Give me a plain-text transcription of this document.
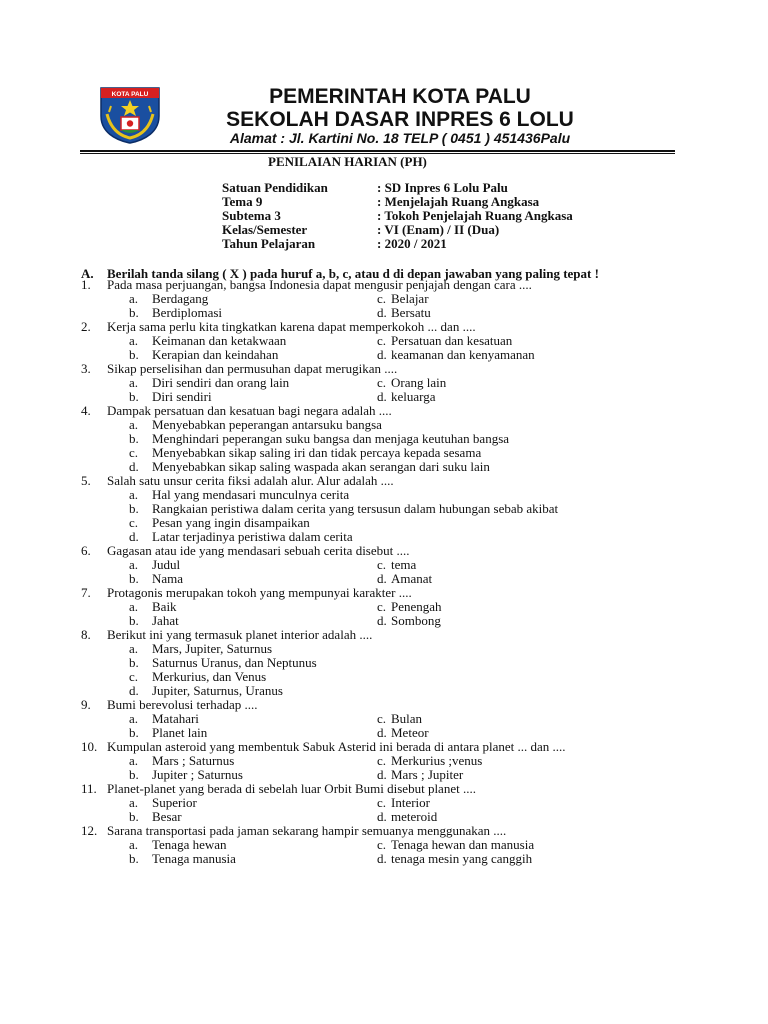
KOTA PALU	PEMERINTAH KOTA PALU
SEKOLAH DASAR INPRES 6 LOLU
Alamat : Jl. Kartini No. 18 TELP ( 0451 ) 451436Palu
PENILAIAN HARIAN (PH)
Satuan Pendidikan	: SD Inpres 6 Lolu Palu
Tema 9	: Menjelajah Ruang Angkasa
Subtema 3	: Tokoh Penjelajah Ruang Angkasa
Kelas/Semester	: VI (Enam) / II (Dua)
Tahun Pelajaran	: 2020 / 2021
A. Berilah tanda silang ( X ) pada huruf a, b, c, atau d di depan jawaban yang paling tepat !
1. Pada masa perjuangan, bangsa Indonesia dapat mengusir penjajah dengan cara ....
a. Berdagang	c. Belajar
b. Berdiplomasi	d. Bersatu
2. Kerja sama perlu kita tingkatkan karena dapat memperkokoh ... dan ....
a. Keimanan dan ketakwaan	c. Persatuan dan kesatuan
b. Kerapian dan keindahan	d. keamanan dan kenyamanan
3. Sikap perselisihan dan permusuhan dapat merugikan ....
a. Diri sendiri dan orang lain	c. Orang lain
b. Diri sendiri	d. keluarga
4. Dampak persatuan dan kesatuan bagi negara adalah ....
a. Menyebabkan peperangan antarsuku bangsa
b. Menghindari peperangan suku bangsa dan menjaga keutuhan bangsa
c. Menyebabkan sikap saling iri dan tidak percaya kepada sesama
d. Menyebabkan sikap saling waspada akan serangan dari suku lain
5. Salah satu unsur cerita fiksi adalah alur. Alur adalah ....
a. Hal yang mendasari munculnya cerita
b. Rangkaian peristiwa dalam cerita yang tersusun dalam hubungan sebab akibat
c. Pesan yang ingin disampaikan
d. Latar terjadinya peristiwa dalam cerita
6. Gagasan atau ide yang mendasari sebuah cerita disebut ....
a. Judul	c. tema
b. Nama	d. Amanat
7. Protagonis merupakan tokoh yang mempunyai karakter ....
a. Baik	c. Penengah
b. Jahat	d. Sombong
8. Berikut ini yang termasuk planet interior adalah ....
a. Mars, Jupiter, Saturnus
b. Saturnus Uranus, dan Neptunus
c. Merkurius, dan Venus
d. Jupiter, Saturnus, Uranus
9. Bumi berevolusi terhadap ....
a. Matahari	c. Bulan
b. Planet lain	d. Meteor
10. Kumpulan asteroid yang membentuk Sabuk Asterid ini berada di antara planet ... dan ....
a. Mars ; Saturnus	c. Merkurius ;venus
b. Jupiter ; Saturnus	d. Mars ; Jupiter
11. Planet-planet yang berada di sebelah luar Orbit Bumi disebut planet ....
a. Superior	c. Interior
b. Besar	d. meteroid
12. Sarana transportasi pada jaman sekarang hampir semuanya menggunakan ....
a. Tenaga hewan	c. Tenaga hewan dan manusia
b. Tenaga manusia	d. tenaga mesin yang canggih
